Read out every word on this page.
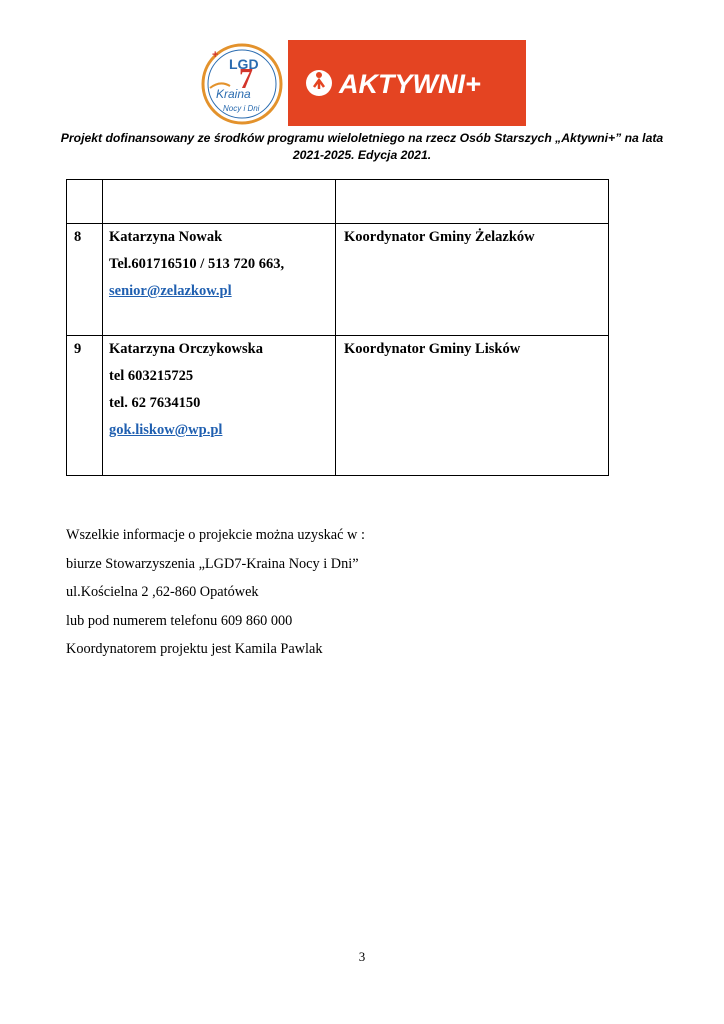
+
LGD
7
Kraina
Nocy i Dni
AKTYWNI+
Projekt dofinansowany ze środków programu wieloletniego na rzecz Osób Starszych „Aktywni+” na lata
2021-2025. Edycja 2021.

8	Katarzyna Nowak
Tel.601716510 / 513 720 663,
senior@zelazkow.pl	Koordynator Gminy Żelazków

9	Katarzyna Orczykowska
tel 603215725
tel. 62 7634150
gok.liskow@wp.pl	Koordynator Gminy Lisków

Wszelkie informacje o projekcie można uzyskać w :

biurze Stowarzyszenia „LGD7-Kraina Nocy i Dni”

ul.Kościelna 2 ,62-860 Opatówek

lub pod numerem telefonu 609 860 000

Koordynatorem projektu jest Kamila Pawlak

3
